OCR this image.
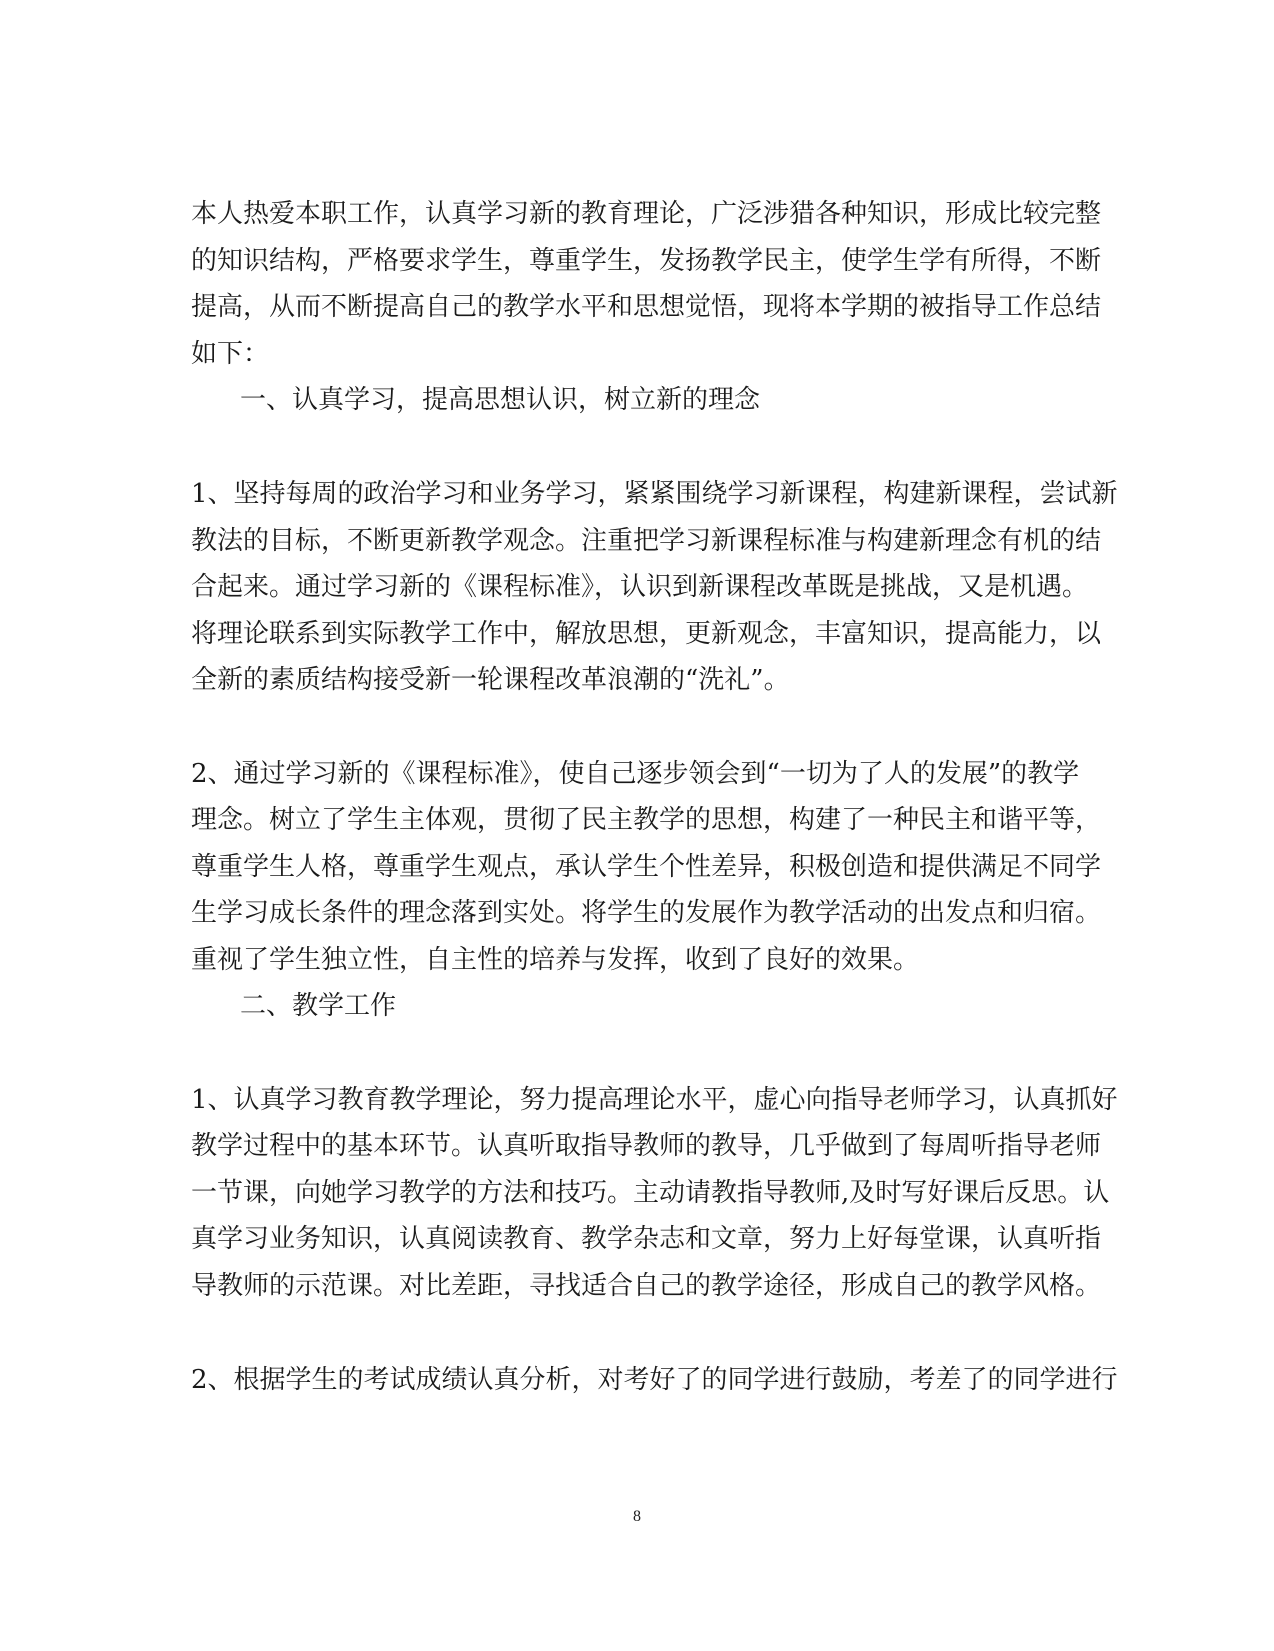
本人热爱本职工作，认真学习新的教育理论，广泛涉猎各种知识，形成比较完整
的知识结构，严格要求学生，尊重学生，发扬教学民主，使学生学有所得，不断
提高，从而不断提高自己的教学水平和思想觉悟，现将本学期的被指导工作总结
如下：
一、认真学习，提高思想认识，树立新的理念
1、坚持每周的政治学习和业务学习，紧紧围绕学习新课程，构建新课程，尝试新
教法的目标，不断更新教学观念。注重把学习新课程标准与构建新理念有机的结
合起来。通过学习新的《课程标准》，认识到新课程改革既是挑战，又是机遇。
将理论联系到实际教学工作中，解放思想，更新观念，丰富知识，提高能力，以
全新的素质结构接受新一轮课程改革浪潮的“洗礼”。
2、通过学习新的《课程标准》，使自己逐步领会到“一切为了人的发展”的教学
理念。树立了学生主体观，贯彻了民主教学的思想，构建了一种民主和谐平等，
尊重学生人格，尊重学生观点，承认学生个性差异，积极创造和提供满足不同学
生学习成长条件的理念落到实处。将学生的发展作为教学活动的出发点和归宿。
重视了学生独立性，自主性的培养与发挥，收到了良好的效果。
二、教学工作
1、认真学习教育教学理论，努力提高理论水平，虚心向指导老师学习，认真抓好
教学过程中的基本环节。认真听取指导教师的教导，几乎做到了每周听指导老师
一节课，向她学习教学的方法和技巧。主动请教指导教师,及时写好课后反思。认
真学习业务知识，认真阅读教育、教学杂志和文章，努力上好每堂课，认真听指
导教师的示范课。对比差距，寻找适合自己的教学途径，形成自己的教学风格。
2、根据学生的考试成绩认真分析，对考好了的同学进行鼓励，考差了的同学进行
8
